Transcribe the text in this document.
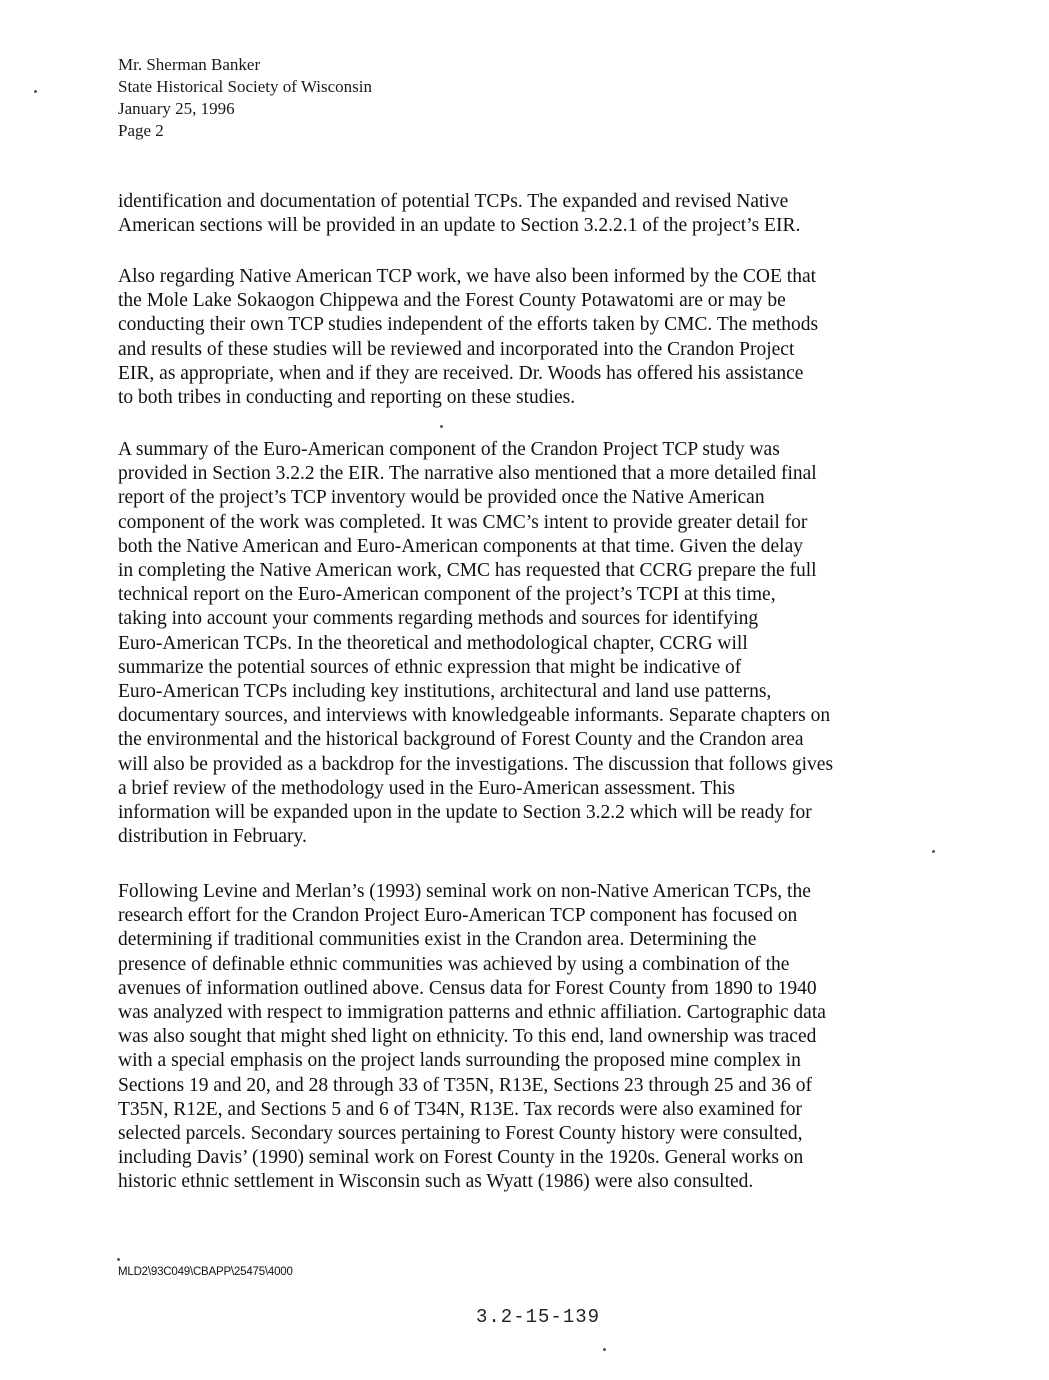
Mr. Sherman Banker
State Historical Society of Wisconsin
January 25, 1996
Page 2
identification and documentation of potential TCPs. The expanded and revised Native
American sections will be provided in an update to Section 3.2.2.1 of the project’s EIR.
Also regarding Native American TCP work, we have also been informed by the COE that
the Mole Lake Sokaogon Chippewa and the Forest County Potawatomi are or may be
conducting their own TCP studies independent of the efforts taken by CMC. The methods
and results of these studies will be reviewed and incorporated into the Crandon Project
EIR, as appropriate, when and if they are received. Dr. Woods has offered his assistance
to both tribes in conducting and reporting on these studies.
A summary of the Euro-American component of the Crandon Project TCP study was
provided in Section 3.2.2 the EIR. The narrative also mentioned that a more detailed final
report of the project’s TCP inventory would be provided once the Native American
component of the work was completed. It was CMC’s intent to provide greater detail for
both the Native American and Euro-American components at that time. Given the delay
in completing the Native American work, CMC has requested that CCRG prepare the full
technical report on the Euro-American component of the project’s TCPI at this time,
taking into account your comments regarding methods and sources for identifying
Euro-American TCPs. In the theoretical and methodological chapter, CCRG will
summarize the potential sources of ethnic expression that might be indicative of
Euro-American TCPs including key institutions, architectural and land use patterns,
documentary sources, and interviews with knowledgeable informants. Separate chapters on
the environmental and the historical background of Forest County and the Crandon area
will also be provided as a backdrop for the investigations. The discussion that follows gives
a brief review of the methodology used in the Euro-American assessment. This
information will be expanded upon in the update to Section 3.2.2 which will be ready for
distribution in February.
Following Levine and Merlan’s (1993) seminal work on non-Native American TCPs, the
research effort for the Crandon Project Euro-American TCP component has focused on
determining if traditional communities exist in the Crandon area. Determining the
presence of definable ethnic communities was achieved by using a combination of the
avenues of information outlined above. Census data for Forest County from 1890 to 1940
was analyzed with respect to immigration patterns and ethnic affiliation. Cartographic data
was also sought that might shed light on ethnicity. To this end, land ownership was traced
with a special emphasis on the project lands surrounding the proposed mine complex in
Sections 19 and 20, and 28 through 33 of T35N, R13E, Sections 23 through 25 and 36 of
T35N, R12E, and Sections 5 and 6 of T34N, R13E. Tax records were also examined for
selected parcels. Secondary sources pertaining to Forest County history were consulted,
including Davis’ (1990) seminal work on Forest County in the 1920s. General works on
historic ethnic settlement in Wisconsin such as Wyatt (1986) were also consulted.
MLD2\93C049\CBAPP\25475\4000
3.2-15-139
